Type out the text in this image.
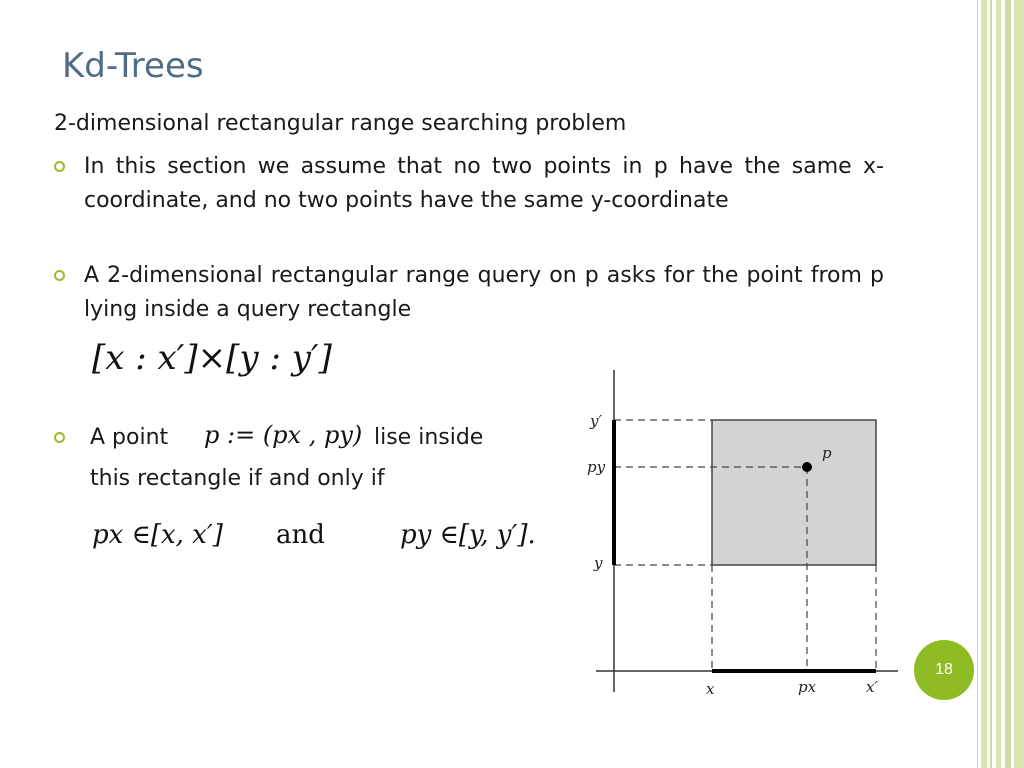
Kd-Trees
2-dimensional rectangular range searching problem
In this section we assume that no two points in p have the same x-coordinate, and no two points have the same y-coordinate
A 2-dimensional rectangular range query on p asks for the point from p lying inside a query rectangle
[x : x′]×[y : y′]
A point	p := (px , py) lise inside
this rectangle if and only if
px ∈[x, x′] and	py ∈[y, y′].
y′
py
y
p
x	px	x′
18
